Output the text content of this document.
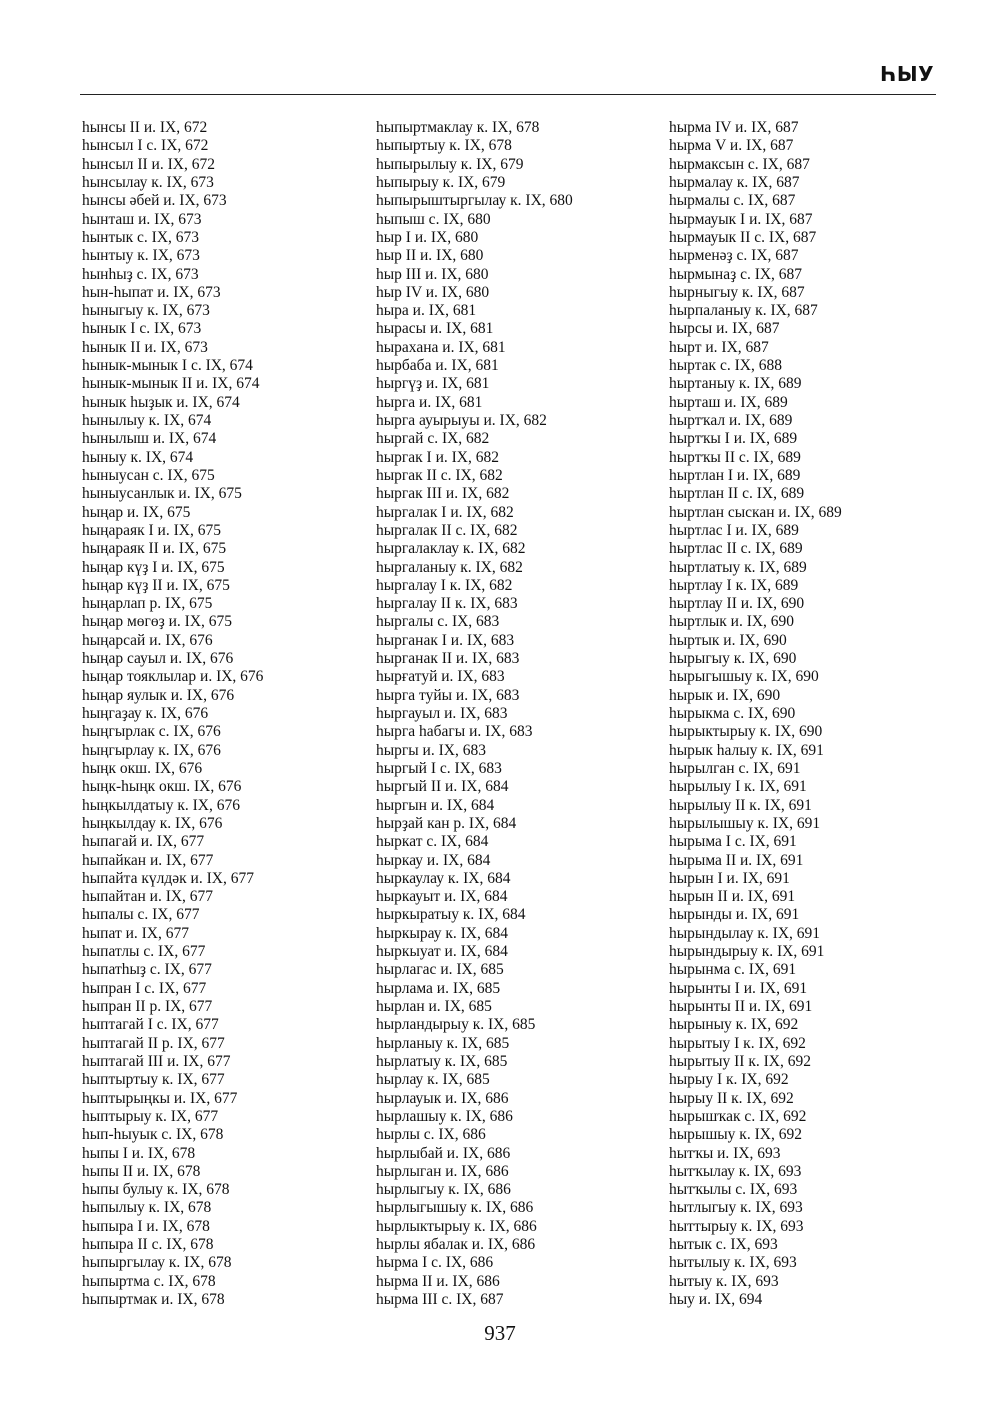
ҺЫУ
һынсы II и. IX, 672
һынсыл I с. IX, 672
һынсыл II и. IX, 672
һынсылау к. IX, 673
һынсы әбей и. IX, 673
һынташ и. IX, 673
һынтык с. IX, 673
һынтыу к. IX, 673
һынһыҙ с. IX, 673
һын-һыпат и. IX, 673
һыныгыу к. IX, 673
һынык I с. IX, 673
һынык II и. IX, 673
һынык-мынык I с. IX, 674
һынык-мынык II и. IX, 674
һынык һыҙык и. IX, 674
һынылыу к. IX, 674
һынылыш и. IX, 674
һыныу к. IX, 674
һыныусан с. IX, 675
һыныусанлык и. IX, 675
һыңар и. IX, 675
һыңараяк I и. IX, 675
һыңараяк II и. IX, 675
һыңар күҙ I и. IX, 675
һыңар күҙ II и. IX, 675
һыңарлап р. IX, 675
һыңар мөгөҙ и. IX, 675
һыңарсай и. IX, 676
һыңар сауыл и. IX, 676
һыңар тояклылар и. IX, 676
һыңар яулык и. IX, 676
һыңгаҙау к. IX, 676
һыңгырлак с. IX, 676
һыңгырлау к. IX, 676
һыңк окш. IX, 676
һыңк-һыңк окш. IX, 676
һыңкылдатыу к. IX, 676
һыңкылдау к. IX, 676
һыпагай и. IX, 677
һыпайкан и. IX, 677
һыпайта күлдәк и. IX, 677
һыпайтан и. IX, 677
һыпалы с. IX, 677
һыпат и. IX, 677
һыпатлы с. IX, 677
һыпатһыҙ с. IX, 677
һыпран I с. IX, 677
һыпран II р. IX, 677
һыптагай I с. IX, 677
һыптагай II р. IX, 677
һыптагай III и. IX, 677
һыптыртыу к. IX, 677
һыптырыңкы и. IX, 677
һыптырыу к. IX, 677
һып-һыуык с. IX, 678
һыпы I и. IX, 678
һыпы II и. IX, 678
һыпы булыу к. IX, 678
һыпылыу к. IX, 678
һыпыра I и. IX, 678
һыпыра II с. IX, 678
һыпыргылау к. IX, 678
һыпыртма с. IX, 678
һыпыртмак и. IX, 678
һыпыртмаклау к. IX, 678
һыпыртыу к. IX, 678
һыпырылыу к. IX, 679
һыпырыу к. IX, 679
һыпырыштыргылау к. IX, 680
һыпыш с. IX, 680
һыр I и. IX, 680
һыр II и. IX, 680
һыр III и. IX, 680
һыр IV и. IX, 680
һыра и. IX, 681
һырасы и. IX, 681
һырахана и. IX, 681
һырбаба и. IX, 681
һыргүҙ и. IX, 681
һырга и. IX, 681
һырга ауырыуы и. IX, 682
һыргай с. IX, 682
һыргак I и. IX, 682
һыргак II с. IX, 682
һыргак III и. IX, 682
һыргалак I и. IX, 682
һыргалак II с. IX, 682
һыргалаклау к. IX, 682
һыргаланыу к. IX, 682
һыргалау I к. IX, 682
һыргалау II к. IX, 683
һыргалы с. IX, 683
һырганак I и. IX, 683
һырганак II и. IX, 683
һырғатуй и. IX, 683
һырга туйы и. IX, 683
һыргауыл и. IX, 683
һырга һабагы и. IX, 683
һыргы и. IX, 683
һыргый I с. IX, 683
һыргый II и. IX, 684
һыргын и. IX, 684
һырҙай кан р. IX, 684
һыркат с. IX, 684
һыркау и. IX, 684
һыркаулау к. IX, 684
һыркауыт и. IX, 684
һыркыратыу к. IX, 684
һыркырау к. IX, 684
һыркыуат и. IX, 684
һырлагас и. IX, 685
һырлама и. IX, 685
һырлан и. IX, 685
һырландырыу к. IX, 685
һырланыу к. IX, 685
һырлатыу к. IX, 685
һырлау к. IX, 685
һырлауык и. IX, 686
һырлашыу к. IX, 686
һырлы с. IX, 686
һырлыбай и. IX, 686
һырлыган и. IX, 686
һырлыгыу к. IX, 686
һырлыгышыу к. IX, 686
һырлыктырыу к. IX, 686
һырлы ябалак и. IX, 686
һырма I с. IX, 686
һырма II и. IX, 686
һырма III с. IX, 687
һырма IV и. IX, 687
һырма V и. IX, 687
һырмаксын с. IX, 687
һырмалау к. IX, 687
һырмалы с. IX, 687
һырмауык I и. IX, 687
һырмауык II с. IX, 687
һырменәҙ с. IX, 687
һырмынаҙ с. IX, 687
һырныгыу к. IX, 687
һырпаланыу к. IX, 687
һырсы и. IX, 687
һырт и. IX, 687
һыртак с. IX, 688
һыртаныу к. IX, 689
һырташ и. IX, 689
һыртҡал и. IX, 689
һыртҡы I и. IX, 689
һыртҡы II с. IX, 689
һыртлан I и. IX, 689
һыртлан II с. IX, 689
һыртлан сыскан и. IX, 689
һыртлас I и. IX, 689
һыртлас II с. IX, 689
һыртлатыу к. IX, 689
һыртлау I к. IX, 689
һыртлау II и. IX, 690
һыртлык и. IX, 690
һыртык и. IX, 690
һырыгыу к. IX, 690
һырыгышыу к. IX, 690
һырык и. IX, 690
һырыкма с. IX, 690
һырыктырыу к. IX, 690
һырык һалыу к. IX, 691
һырылган с. IX, 691
һырылыу I к. IX, 691
һырылыу II к. IX, 691
һырылышыу к. IX, 691
һырыма I с. IX, 691
һырыма II и. IX, 691
һырын I и. IX, 691
һырын II и. IX, 691
һырынды и. IX, 691
һырындылау к. IX, 691
һырындырыу к. IX, 691
һырынма с. IX, 691
һырынты I и. IX, 691
һырынты II и. IX, 691
һырыныу к. IX, 692
һырытыу I к. IX, 692
һырытыу II к. IX, 692
һырыу I к. IX, 692
һырыу II к. IX, 692
һырышҡак с. IX, 692
һырышыу к. IX, 692
һытҡы и. IX, 693
һытҡылау к. IX, 693
һытҡылы с. IX, 693
һытлыгыу к. IX, 693
һыттырыу к. IX, 693
һытык с. IX, 693
һытылыу к. IX, 693
һытыу к. IX, 693
һыу и. IX, 694
937
